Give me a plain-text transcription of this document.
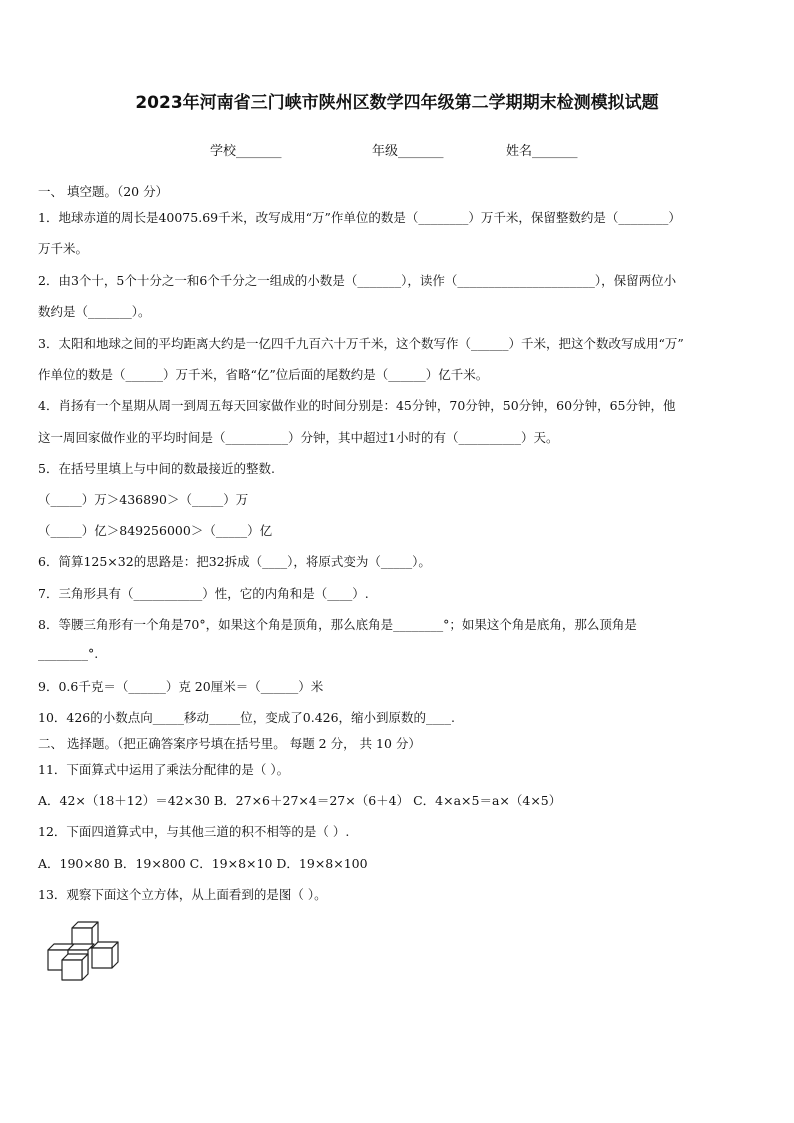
2023年河南省三门峡市陕州区数学四年级第二学期期末检测模拟试题
学校_______	年级_______	姓名_______
一、 填空题。（20 分）
1．地球赤道的周长是40075.69千米，改写成用“万”作单位的数是（________）万千米，保留整数约是（________）
万千米。
2．由3个十，5个十分之一和6个千分之一组成的小数是（_______），读作（______________________），保留两位小
数约是（_______）。
3．太阳和地球之间的平均距离大约是一亿四千九百六十万千米，这个数写作（______）千米，把这个数改写成用“万”
作单位的数是（______）万千米，省略“亿”位后面的尾数约是（______）亿千米。
4．肖扬有一个星期从周一到周五每天回家做作业的时间分别是：45分钟，70分钟，50分钟，60分钟，65分钟，他
这一周回家做作业的平均时间是（__________）分钟，其中超过1小时的有（__________）天。
5．在括号里填上与中间的数最接近的整数.
（_____）万＞436890＞（_____）万
（_____）亿＞849256000＞（_____）亿
6．简算125×32的思路是：把32拆成（____），将原式变为（_____）。
7．三角形具有（___________）性，它的内角和是（____）.
8．等腰三角形有一个角是70°，如果这个角是顶角，那么底角是________°；如果这个角是底角，那么顶角是
________°.
9．0.6千克＝（______）克 20厘米＝（______）米
10．426的小数点向_____移动_____位，变成了0.426，缩小到原数的____.
二、 选择题。（把正确答案序号填在括号里。 每题 2 分， 共 10 分）
11．下面算式中运用了乘法分配律的是（ ）。
A．42×（18＋12）＝42×30 B．27×6＋27×4＝27×（6＋4） C．4×a×5＝a×（4×5）
12．下面四道算式中，与其他三道的积不相等的是（ ）.
A．190×80 B．19×800 C．19×8×10 D．19×8×100
13．观察下面这个立方体，从上面看到的是图（ ）。
